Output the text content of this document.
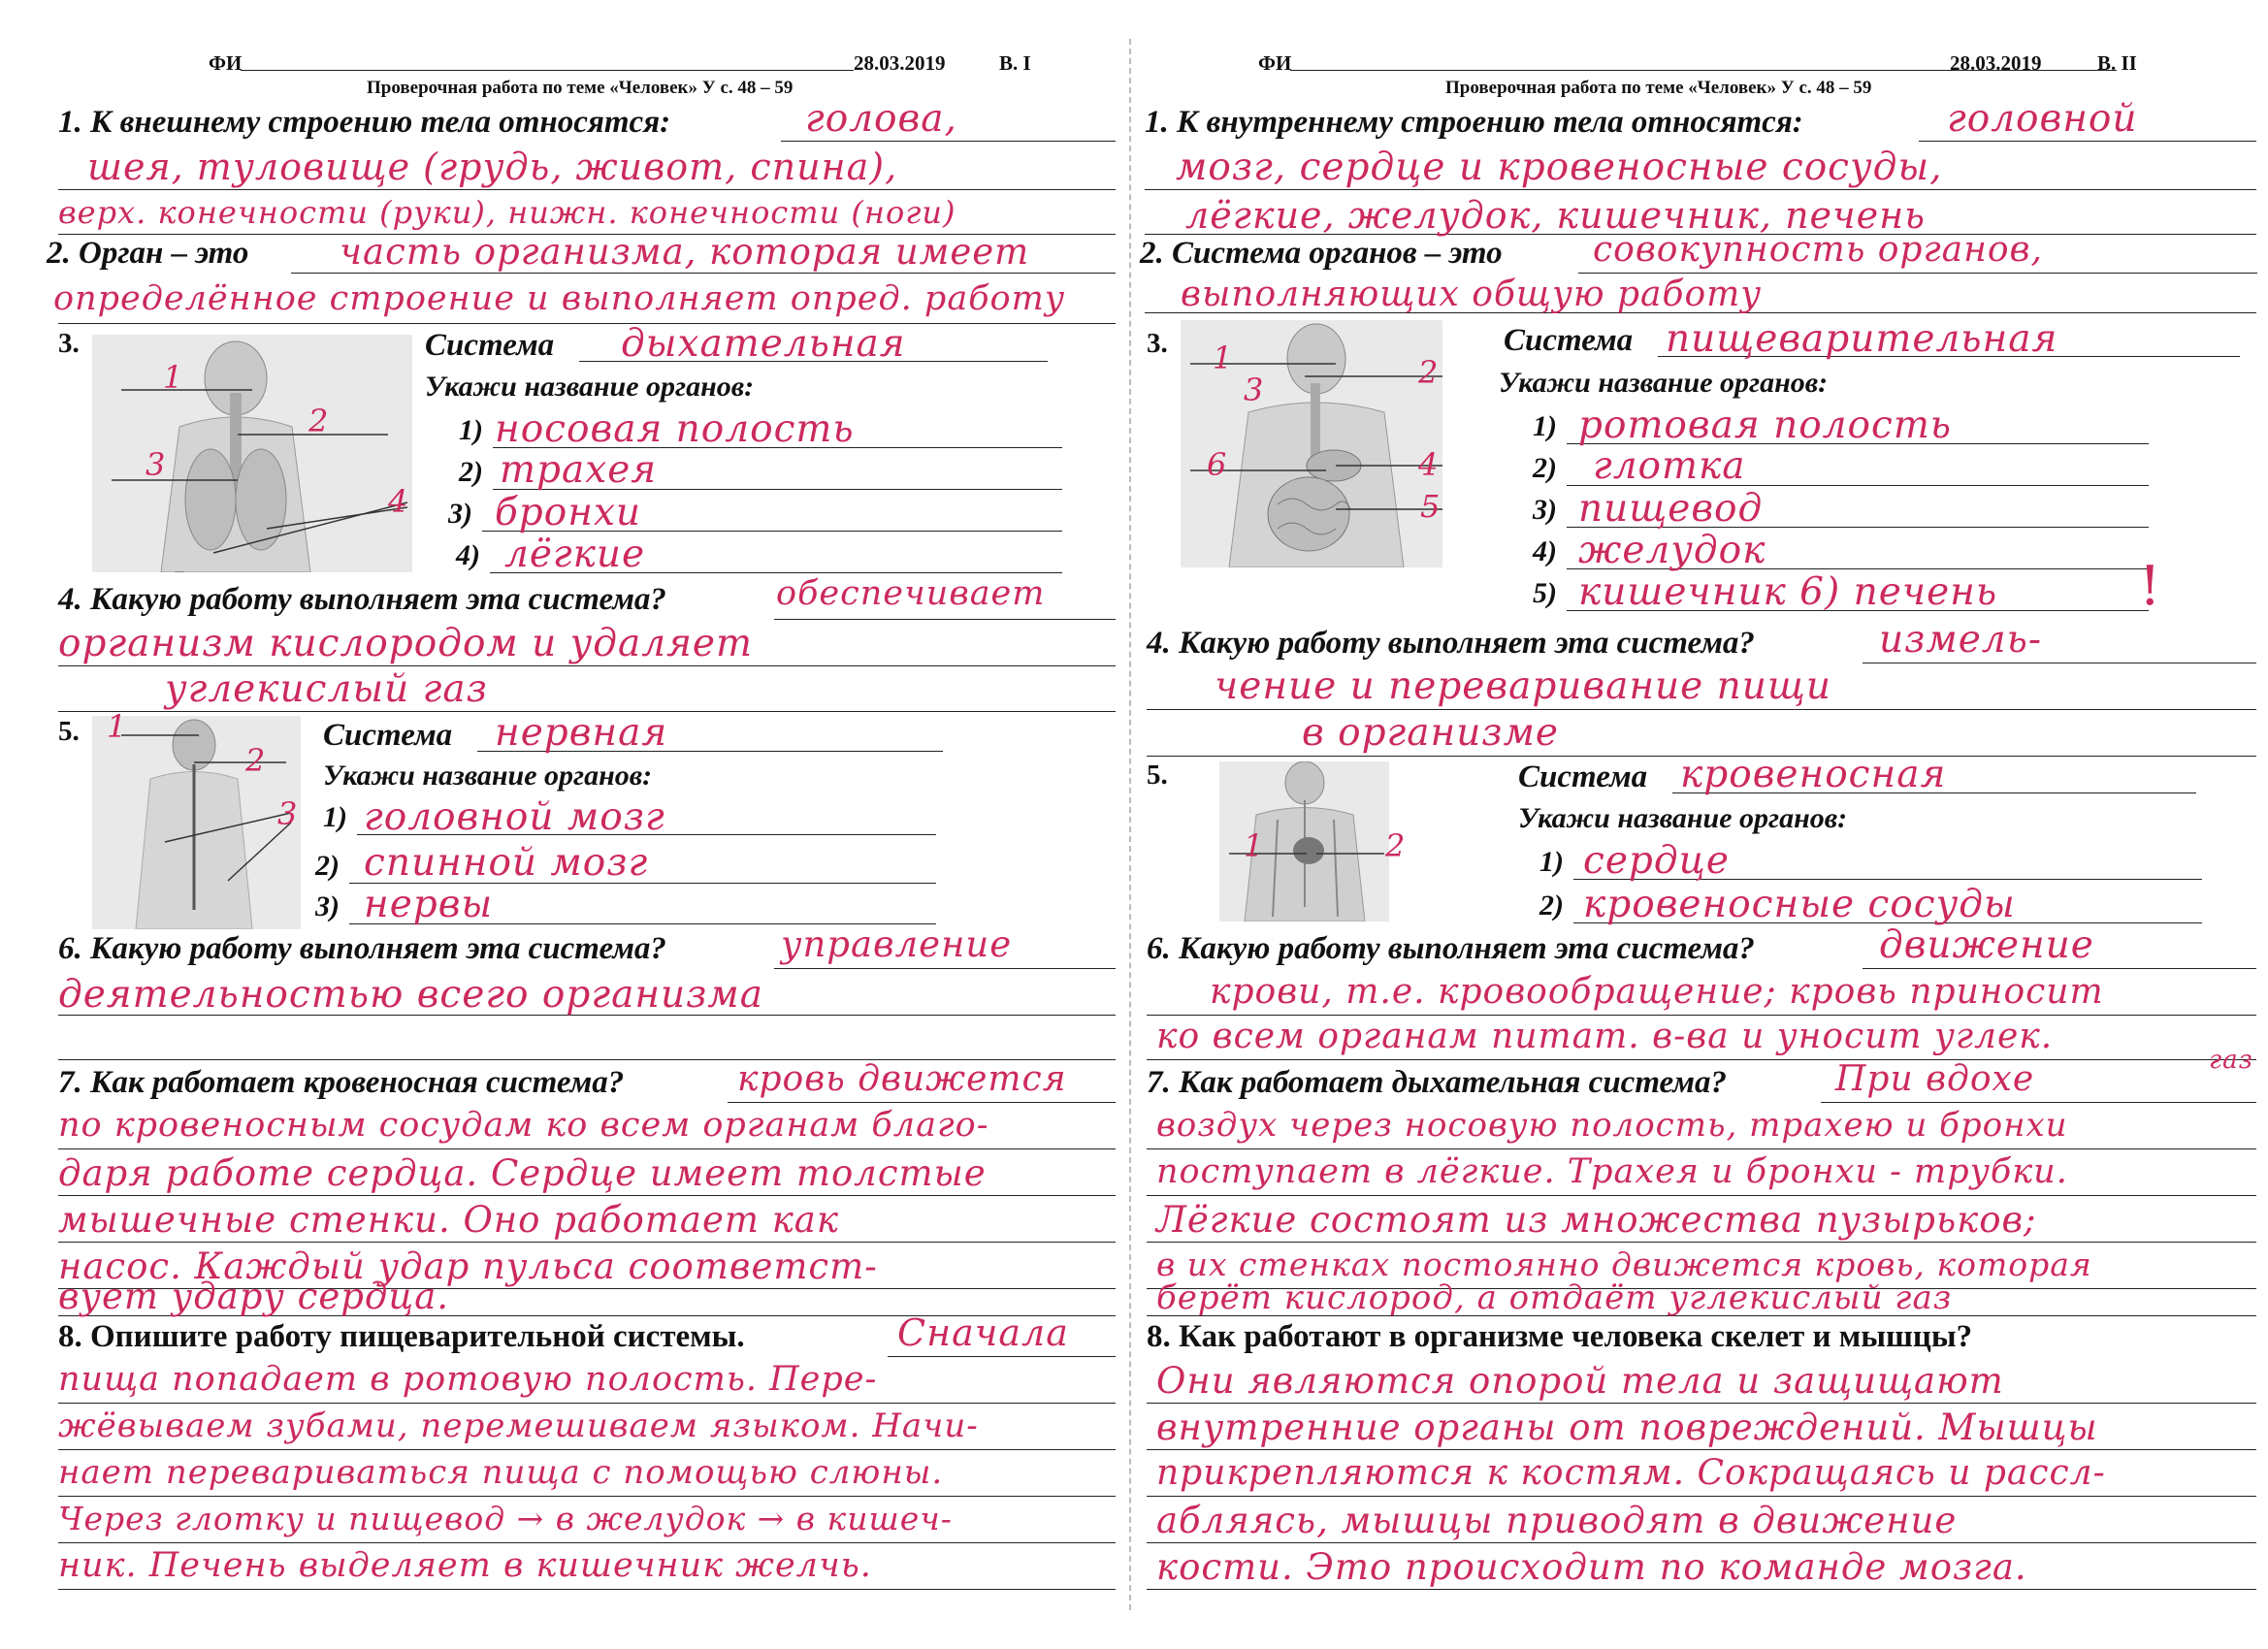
ФИ	28.03.2019	В. I
Проверочная работа по теме «Человек» У с. 48 – 59
1. К внешнему строению тела относятся:	голова,
шея, туловище (грудь, живот, спина),
верх. конечности (руки), нижн. конечности (ноги)
2. Орган – это	часть организма, которая имеет
определённое строение и выполняет опред. работу
3.
1
2
3
4
Система дыхательная
Укажи название органов:
1) носовая полость
2) трахея
3) бронхи
4) лёгкие
4. Какую работу выполняет эта система?	обеспечивает
организм кислородом и удаляет
углекислый газ
5. 1
2
3
Система нервная
Укажи название органов:
1) головной мозг
2) спинной мозг
3) нервы
6. Какую работу выполняет эта система?	управление
деятельностью всего организма
7. Как работает кровеносная система?	кровь движется
по кровеносным сосудам ко всем органам благо-
даря работе сердца. Сердце имеет толстые
мышечные стенки. Оно работает как
насос. Каждый удар пульса соответст-
вует удару сердца.
8. Опишите работу пищеварительной системы.	Сначала
пища попадает в ротовую полость. Пере-
жёвываем зубами, перемешиваем языком. Начи-
нает перевариваться пища с помощью слюны.
Через глотку и пищевод → в желудок → в кишеч-
ник. Печень выделяет в кишечник желчь.
ФИ	28.03.2019	В. II
Проверочная работа по теме «Человек» У с. 48 – 59
1. К внутреннему строению тела относятся:	головной
мозг, сердце и кровеносные сосуды,
лёгкие, желудок, кишечник, печень
2. Система органов – это	совокупность органов,
выполняющих общую работу
3. 1	2
3
4
5
6
Система пищеварительная
Укажи название органов:
1) ротовая полость
2) глотка
3) пищевод
4) желудок
5) кишечник 6) печень	!
4. Какую работу выполняет эта система?	измель-
чение и переваривание пищи
в организме
5.
1	2
Система кровеносная
Укажи название органов:
1) сердце
2) кровеносные сосуды
6. Какую работу выполняет эта система?	движение
крови, т.е. кровообращение; кровь приносит
ко всем органам питат. в-ва и уносит углек.
газ
7. Как работает дыхательная система?	При вдохе
воздух через носовую полость, трахею и бронхи
поступает в лёгкие. Трахея и бронхи - трубки.
Лёгкие состоят из множества пузырьков;
в их стенках постоянно движется кровь, которая
берёт кислород, а отдаёт углекислый газ
8. Как работают в организме человека скелет и мышцы?
Они являются опорой тела и защищают
внутренние органы от повреждений. Мышцы
прикрепляются к костям. Сокращаясь и рассл-
абляясь, мышцы приводят в движение
кости. Это происходит по команде мозга.
